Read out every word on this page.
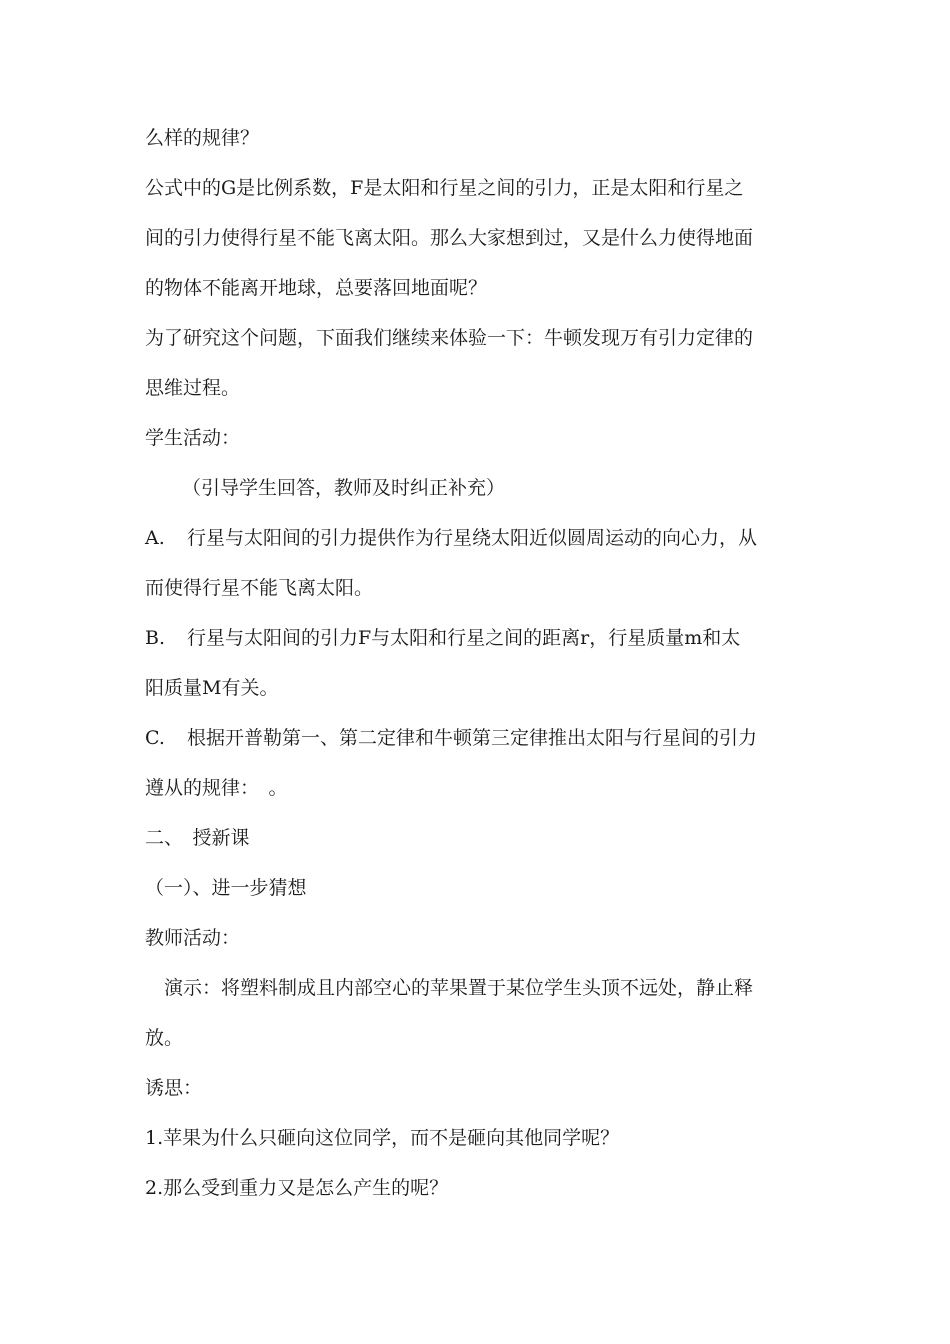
么样的规律？

公式中的G是比例系数，F是太阳和行星之间的引力，正是太阳和行星之

间的引力使得行星不能飞离太阳。那么大家想到过，又是什么力使得地面

的物体不能离开地球，总要落回地面呢？

为了研究这个问题，下面我们继续来体验一下：牛顿发现万有引力定律的

思维过程。

学生活动：

（引导学生回答，教师及时纠正补充）

A. 行星与太阳间的引力提供作为行星绕太阳近似圆周运动的向心力，从

而使得行星不能飞离太阳。

B. 行星与太阳间的引力F与太阳和行星之间的距离r，行星质量m和太

阳质量M有关。

C. 根据开普勒第一、第二定律和牛顿第三定律推出太阳与行星间的引力

遵从的规律：　。

二、　授新课

（一）、进一步猜想

教师活动：

演示：将塑料制成且内部空心的苹果置于某位学生头顶不远处，静止释

放。

诱思：

1.苹果为什么只砸向这位同学，而不是砸向其他同学呢？

2.那么受到重力又是怎么产生的呢？
